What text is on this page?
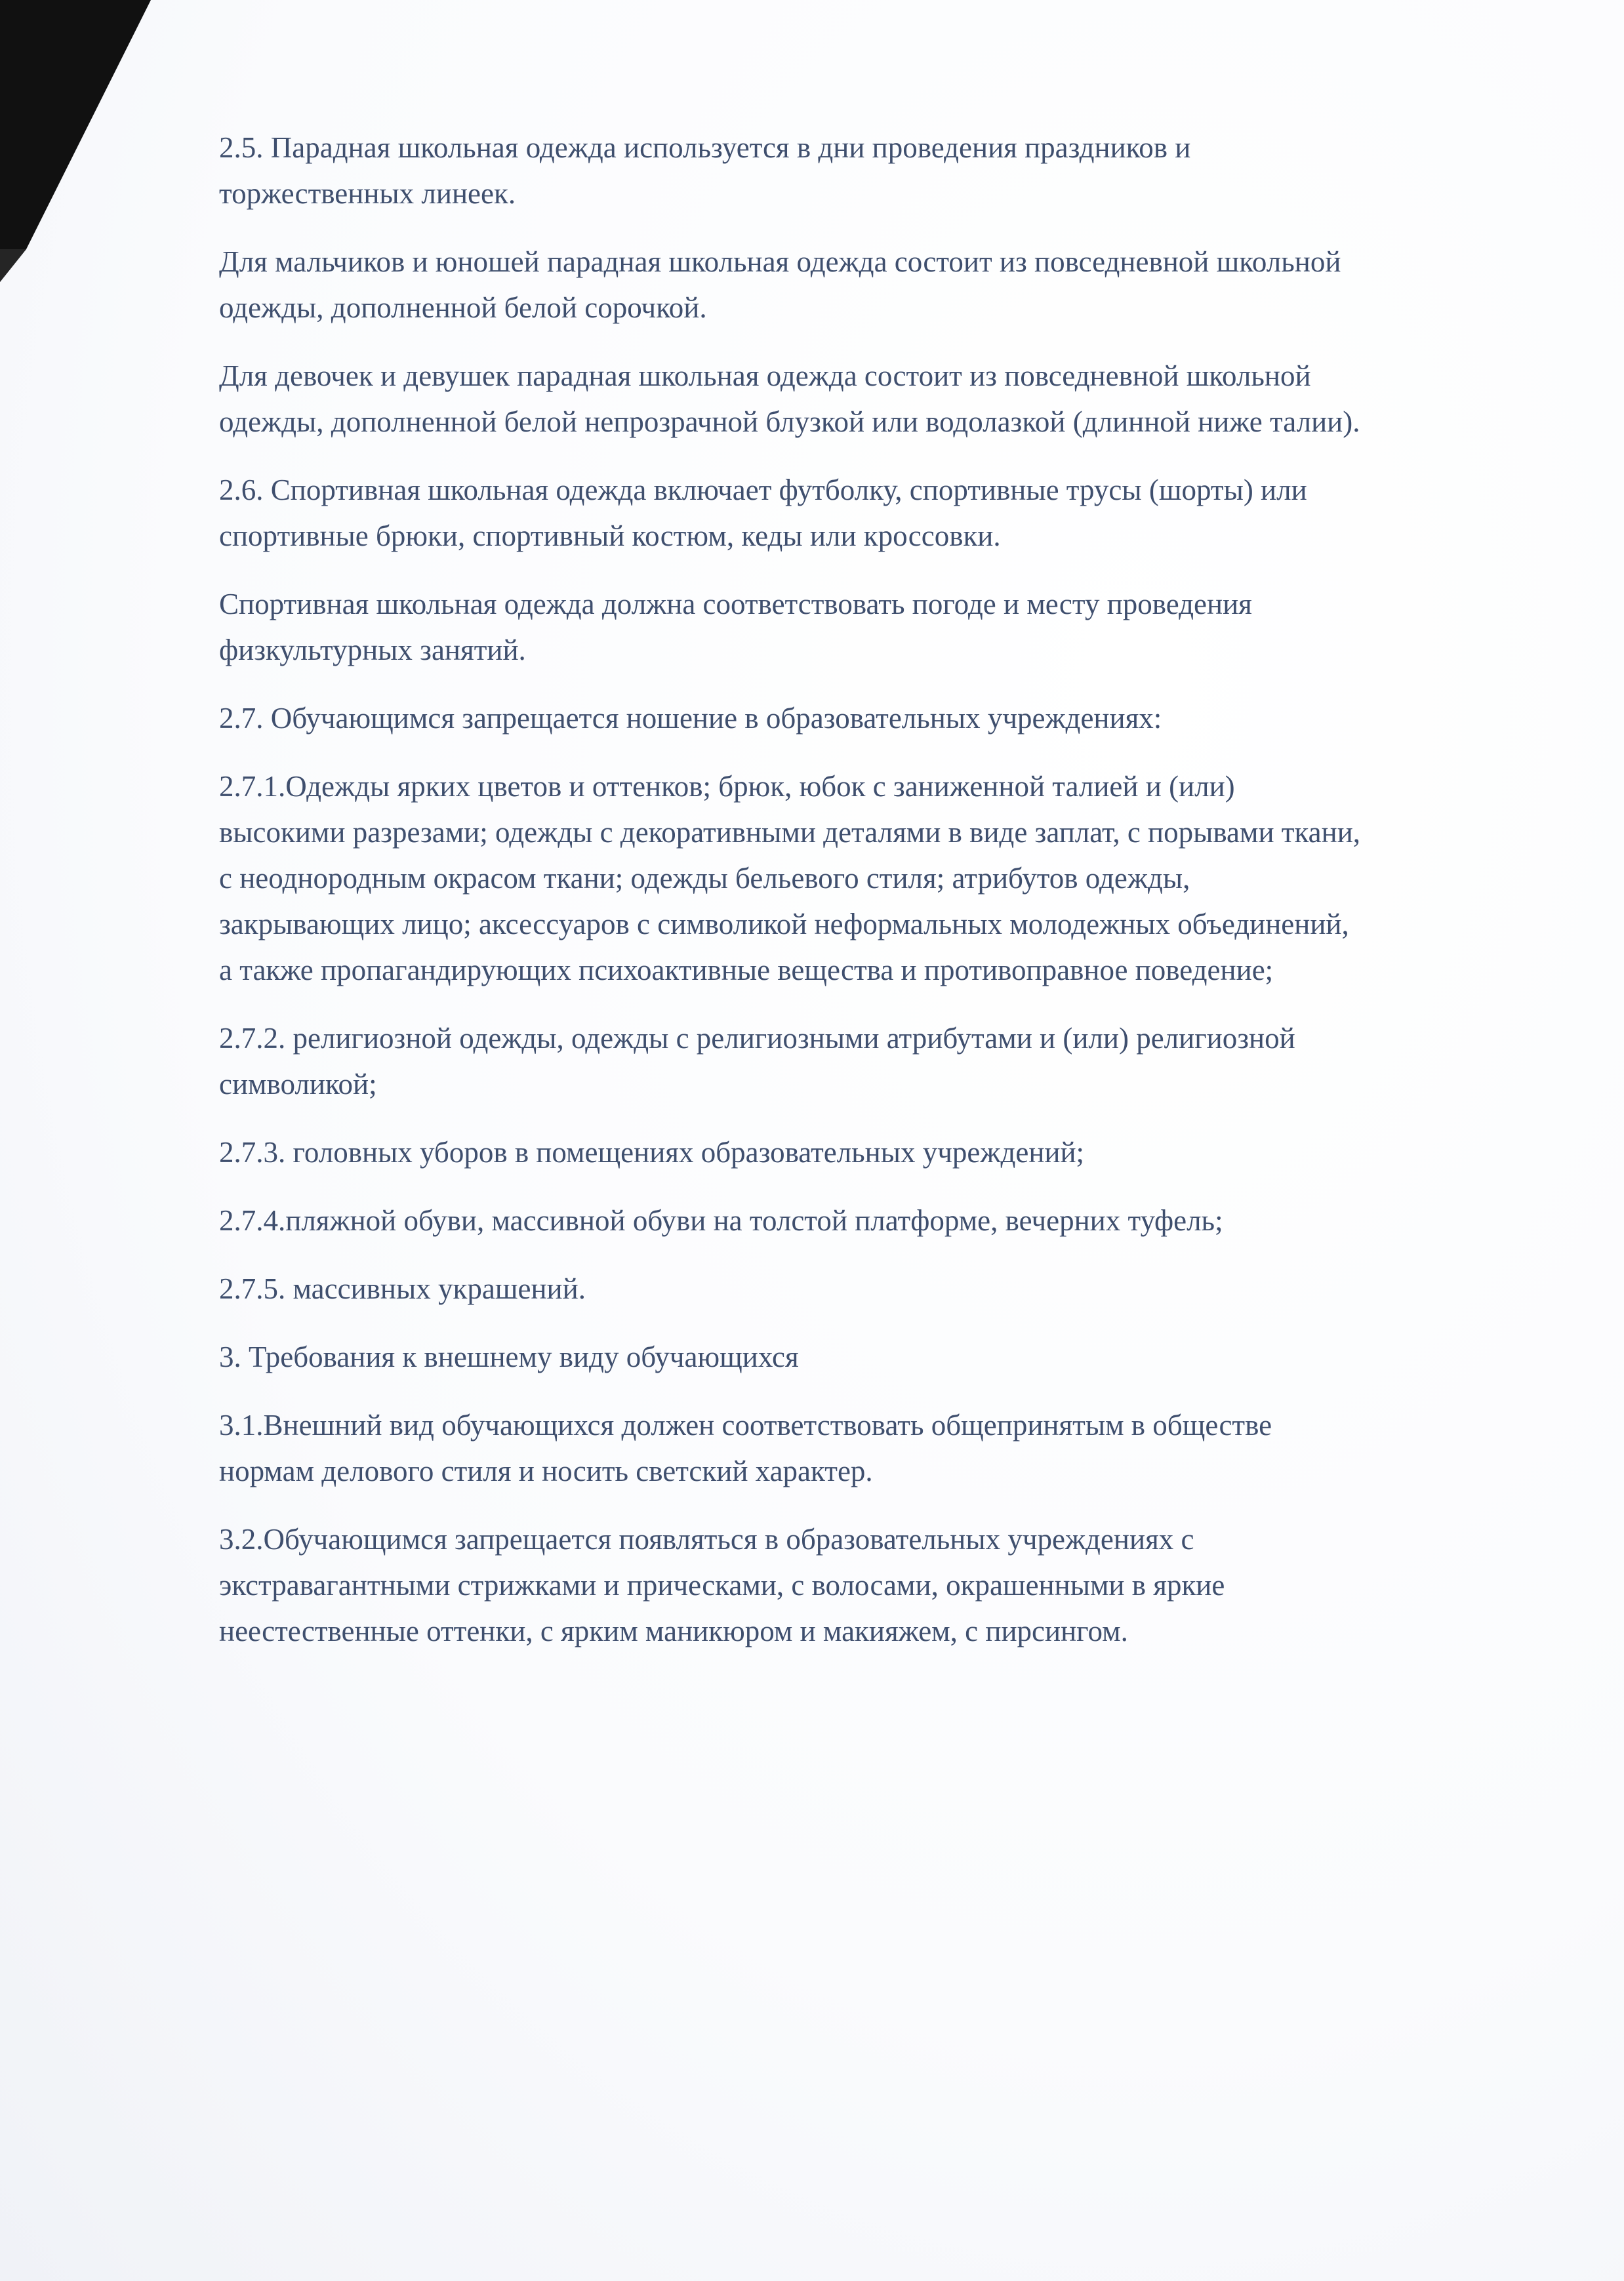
2.5. Парадная школьная одежда используется в дни проведения праздников и
торжественных линеек.

Для мальчиков и юношей парадная школьная одежда состоит из повседневной школьной
одежды, дополненной белой сорочкой.

Для девочек и девушек парадная школьная одежда состоит из повседневной школьной
одежды, дополненной белой непрозрачной блузкой или водолазкой (длинной ниже талии).

2.6. Спортивная школьная одежда включает футболку, спортивные трусы (шорты) или
спортивные брюки, спортивный костюм, кеды или кроссовки.

Спортивная школьная одежда должна соответствовать погоде и месту проведения
физкультурных занятий.

2.7. Обучающимся запрещается ношение в образовательных учреждениях:

2.7.1.Одежды ярких цветов и оттенков; брюк, юбок с заниженной талией и (или)
высокими разрезами; одежды с декоративными деталями в виде заплат, с порывами ткани,
с неоднородным окрасом ткани; одежды бельевого стиля; атрибутов одежды,
закрывающих лицо; аксессуаров с символикой неформальных молодежных объединений,
а также пропагандирующих психоактивные вещества и противоправное поведение;

2.7.2. религиозной одежды, одежды с религиозными атрибутами и (или) религиозной
символикой;

2.7.3. головных уборов в помещениях образовательных учреждений;

2.7.4.пляжной обуви, массивной обуви на толстой платформе, вечерних туфель;

2.7.5. массивных украшений.

3. Требования к внешнему виду обучающихся

3.1.Внешний вид обучающихся должен соответствовать общепринятым в обществе
нормам делового стиля и носить светский характер.

3.2.Обучающимся запрещается появляться в образовательных учреждениях с
экстравагантными стрижками и прическами, с волосами, окрашенными в яркие
неестественные оттенки, с ярким маникюром и макияжем, с пирсингом.
